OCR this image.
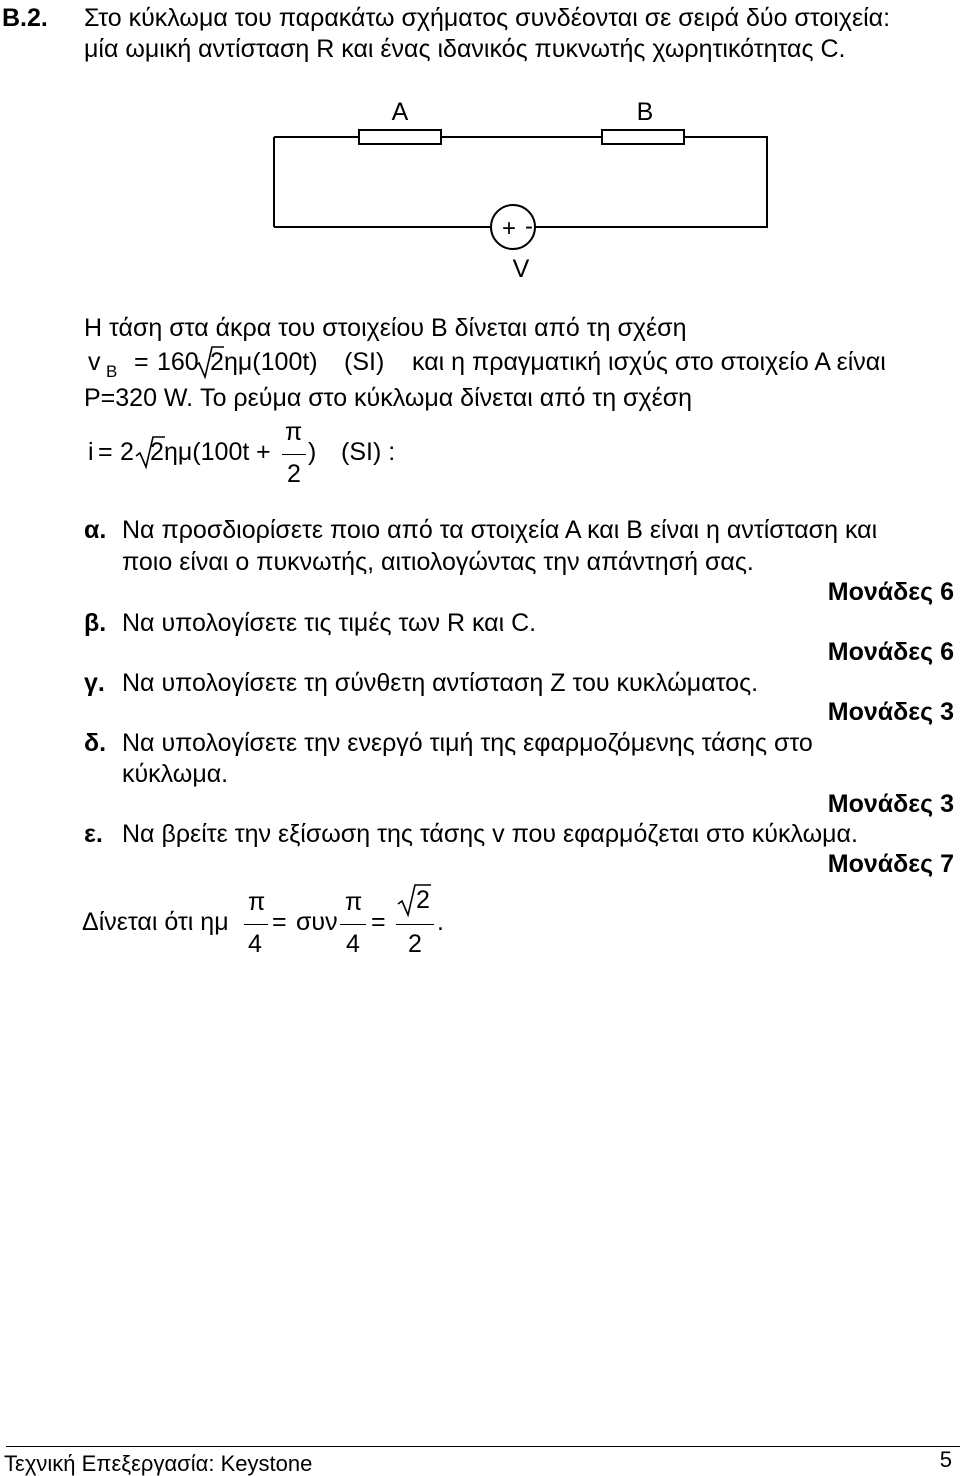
Β.2. Στο κύκλωμα του παρακάτω σχήματος συνδέονται σε σειρά δύο στοιχεία:
μία ωμική αντίσταση R και ένας ιδανικός πυκνωτής χωρητικότητας C.
A	B
+ -
V
Η τάση στα άκρα του στοιχείου Β δίνεται από τη σχέση
v B = 160 2 ημ(100t) (SI) και η πραγματική ισχύς στο στοιχείο Α είναι
P=320 W. Το ρεύμα στο κύκλωμα δίνεται από τη σχέση
i = 2 2 ημ(100t +
π
2
) (SI) :
α. Να προσδιορίσετε ποιο από τα στοιχεία Α και Β είναι η αντίσταση και
ποιο είναι ο πυκνωτής, αιτιολογώντας την απάντησή σας.
Μονάδες 6
β. Να υπολογίσετε τις τιμές των R και C.
Μονάδες 6
γ. Να υπολογίσετε τη σύνθετη αντίσταση Ζ του κυκλώματος.
Μονάδες 3
δ. Να υπολογίσετε την ενεργό τιμή της εφαρμοζόμενης τάσης στο
κύκλωμα.
Μονάδες 3
ε. Να βρείτε την εξίσωση της τάσης v που εφαρμόζεται στο κύκλωμα.
Μονάδες 7
Δίνεται ότι ημ
π
4
= συν
π
4
=
2
2
.
Τεχνική Επεξεργασία: Keystone	5
